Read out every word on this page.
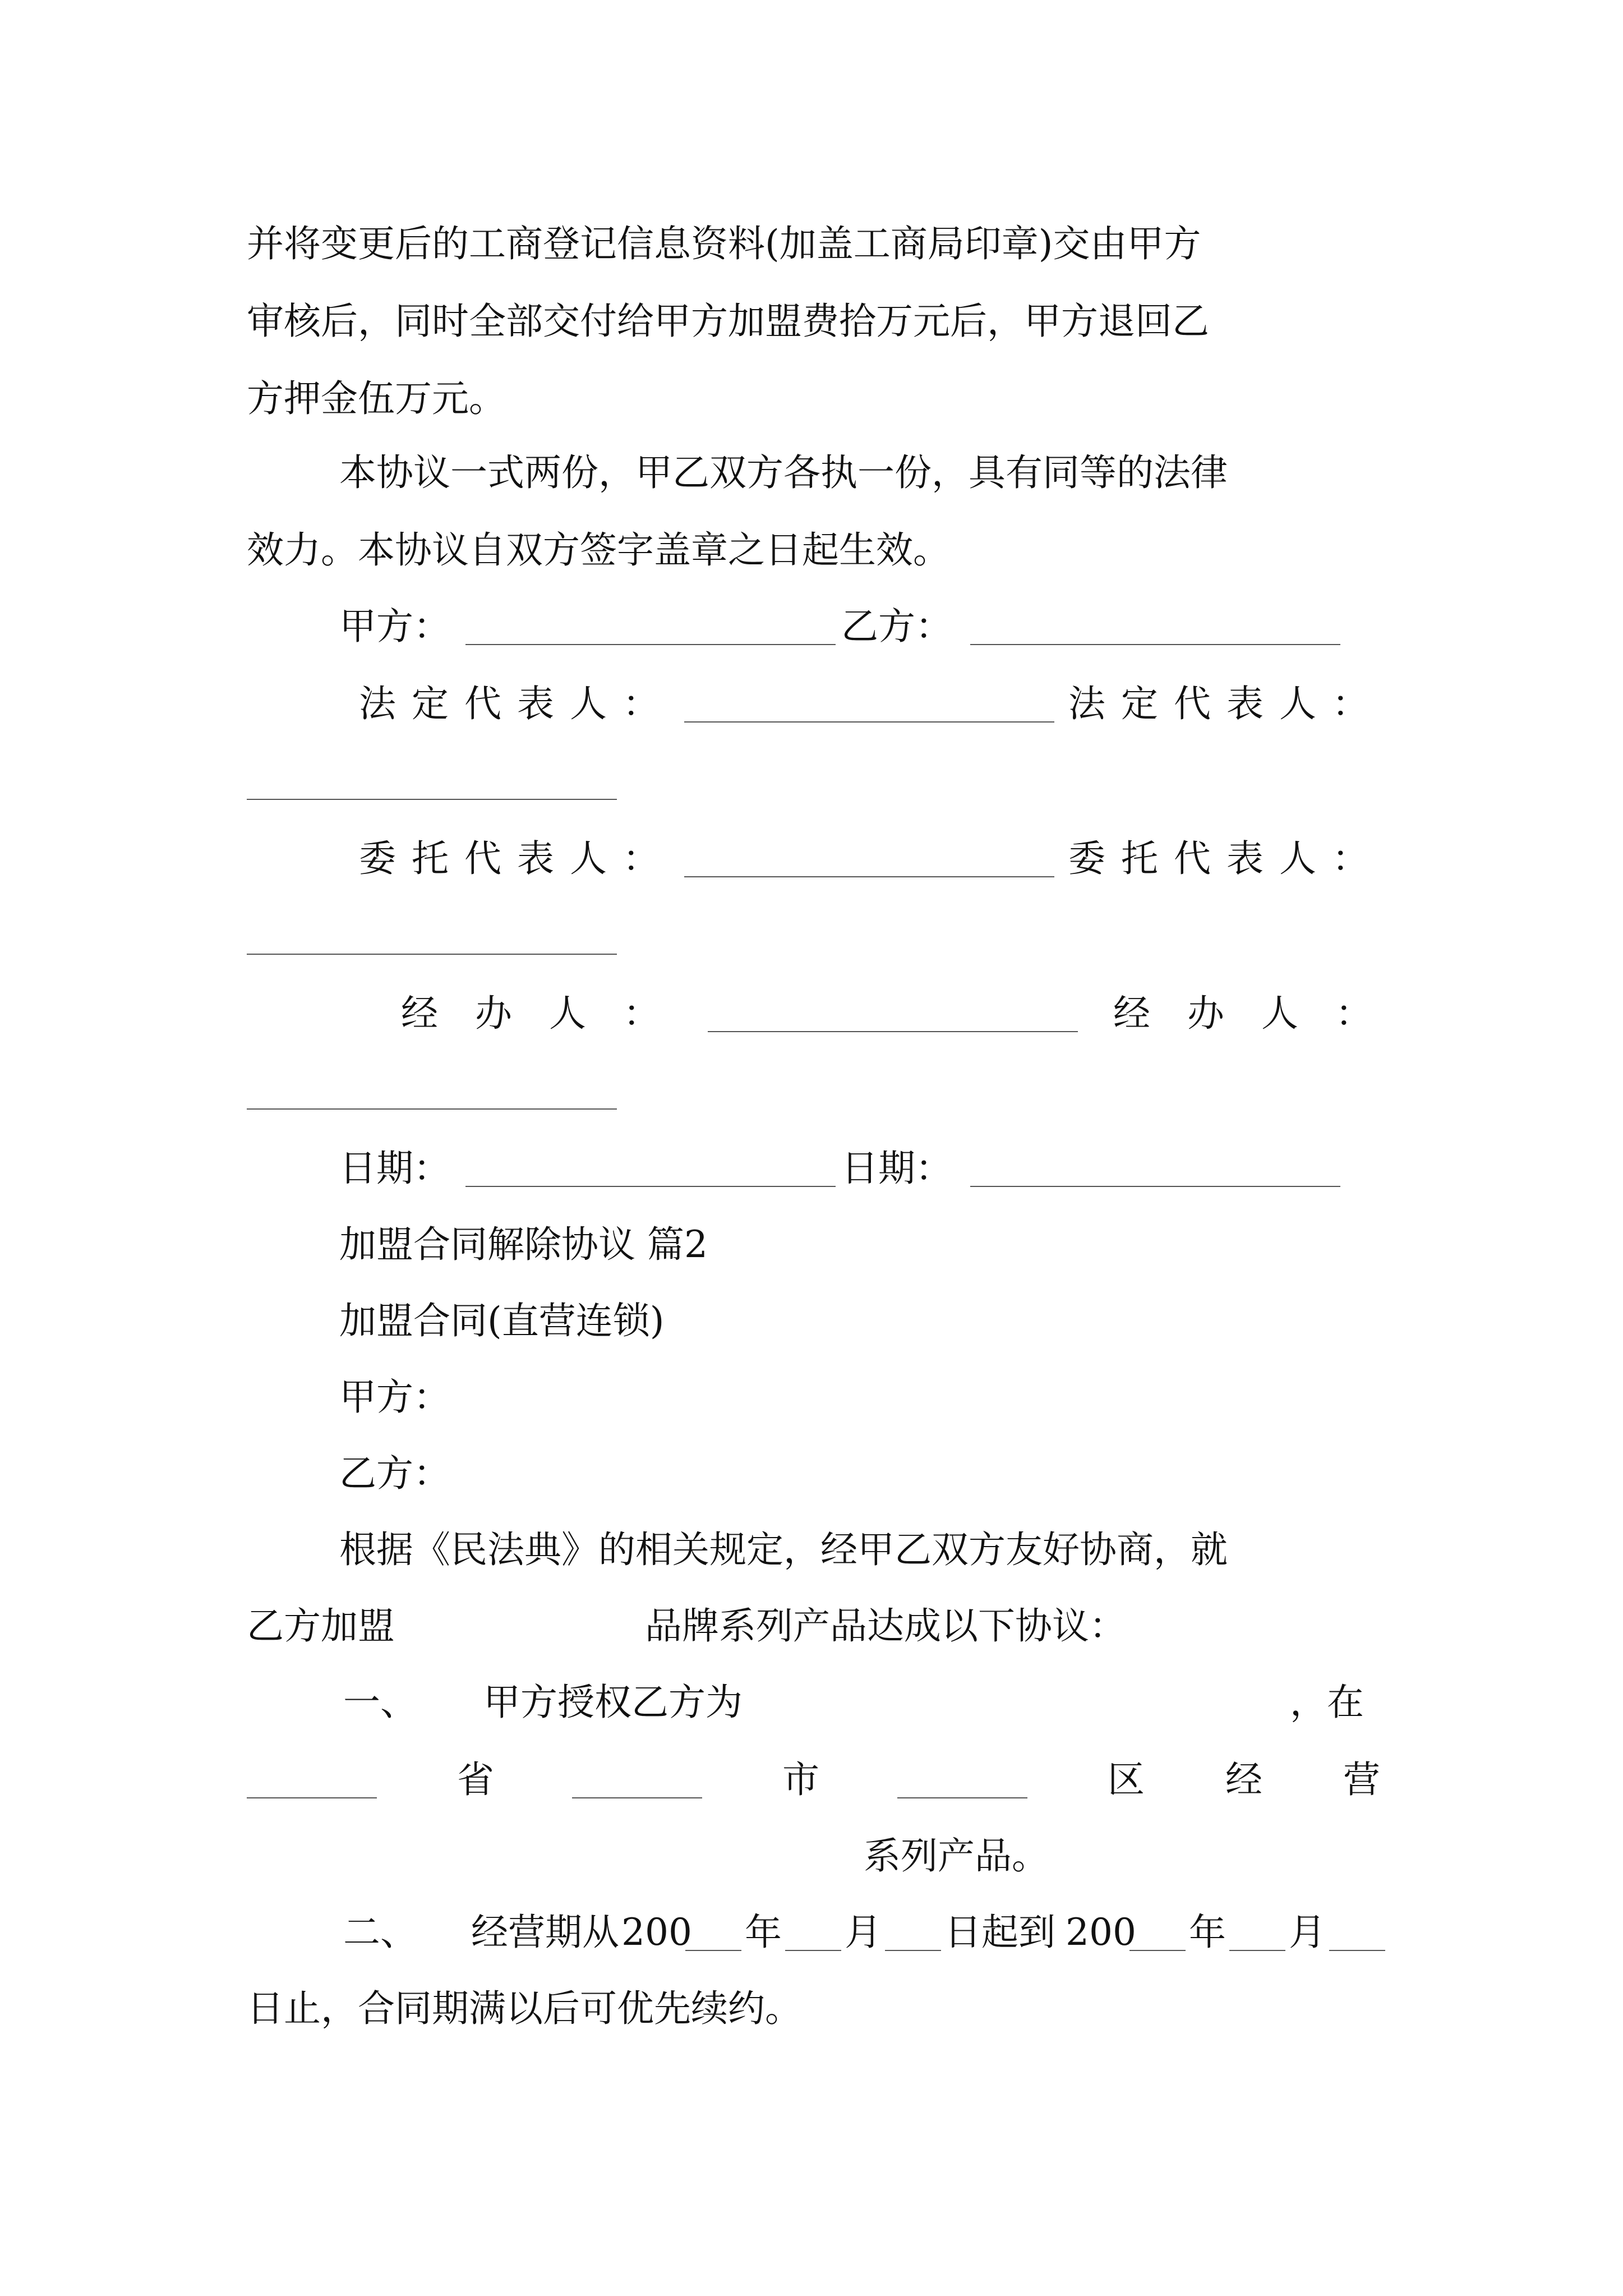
并将变更后的工商登记信息资料(加盖工商局印章)交由甲方
审核后，同时全部交付给甲方加盟费拾万元后，甲方退回乙
方押金伍万元。
本协议一式两份，甲乙双方各执一份，具有同等的法律
效力。本协议自双方签字盖章之日起生效。
甲方：	乙方：
法定代表人：	法定代表人：
委托代表人：	委托代表人：
经办人：	经办人：
日期：	日期：
加盟合同解除协议 篇2
加盟合同(直营连锁)
甲方：
乙方：
根据《民法典》的相关规定，经甲乙双方友好协商，就
乙方加盟	品牌系列产品达成以下协议：
一、 甲方授权乙方为	，在
省	市	区 经 营
系列产品。
二、 经营期从 200 年 月 日起到 200 年 月
日止，合同期满以后可优先续约。
